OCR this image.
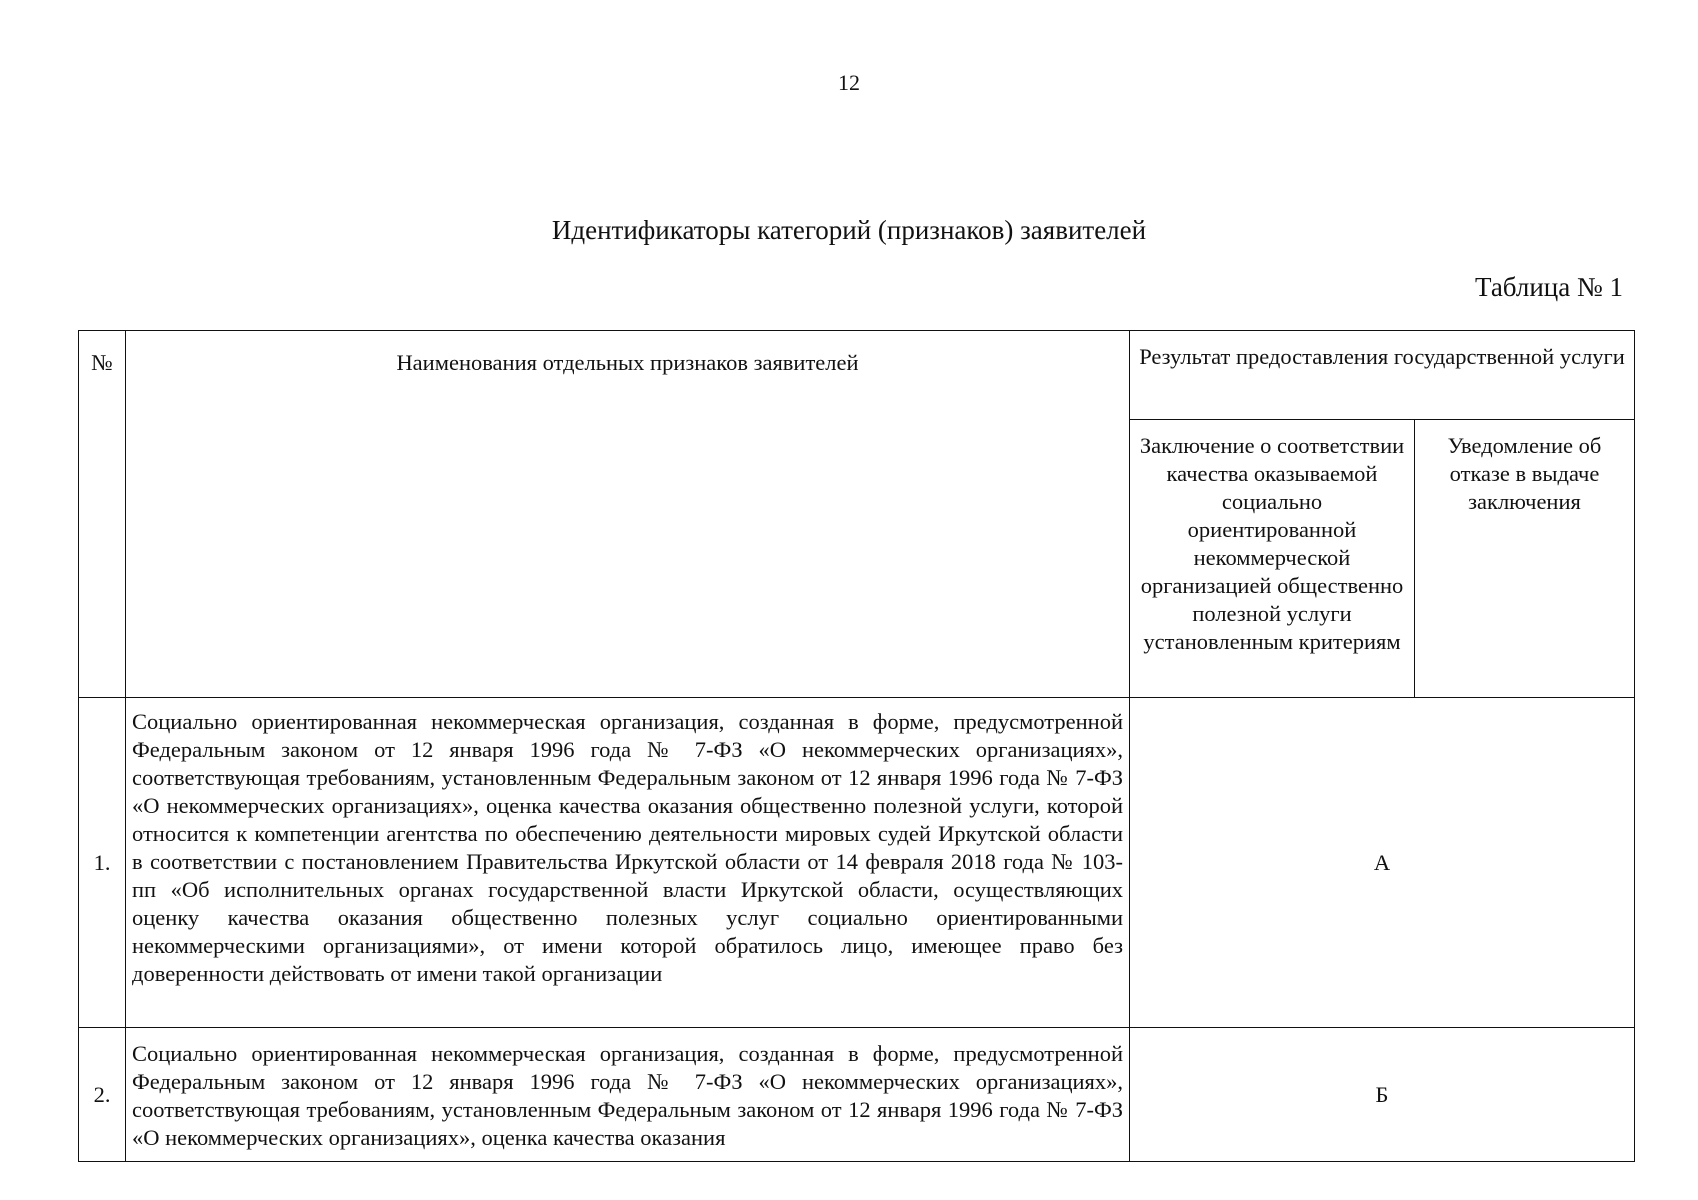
12
Идентификаторы категорий (признаков) заявителей
Таблица № 1
№	Наименования отдельных признаков заявителей	Результат предоставления государственной услуги	
		Заключение о соответствии качества оказываемой социально ориентированной некоммерческой организацией общественно полезной услуги установленным критериям	Уведомление об отказе в выдаче заключения
1.	Социально ориентированная некоммерческая организация, созданная в форме, предусмотренной Федеральным законом от 12 января 1996 года № 7-ФЗ «О некоммерческих организациях», соответствующая требованиям, установленным Федеральным законом от 12 января 1996 года № 7-ФЗ «О некоммерческих организациях», оценка качества оказания общественно полезной услуги, которой относится к компетенции агентства по обеспечению деятельности мировых судей Иркутской области в соответствии с постановлением Правительства Иркутской области от 14 февраля 2018 года № 103-пп «Об исполнительных органах государственной власти Иркутской области, осуществляющих оценку качества оказания общественно полезных услуг социально ориентированными некоммерческими организациями», от имени которой обратилось лицо, имеющее право без доверенности действовать от имени такой организации	А	
2.	Социально ориентированная некоммерческая организация, созданная в форме, предусмотренной Федеральным законом от 12 января 1996 года № 7-ФЗ «О некоммерческих организациях», соответствующая требованиям, установленным Федеральным законом от 12 января 1996 года № 7-ФЗ «О некоммерческих организациях», оценка качества оказания	Б	
